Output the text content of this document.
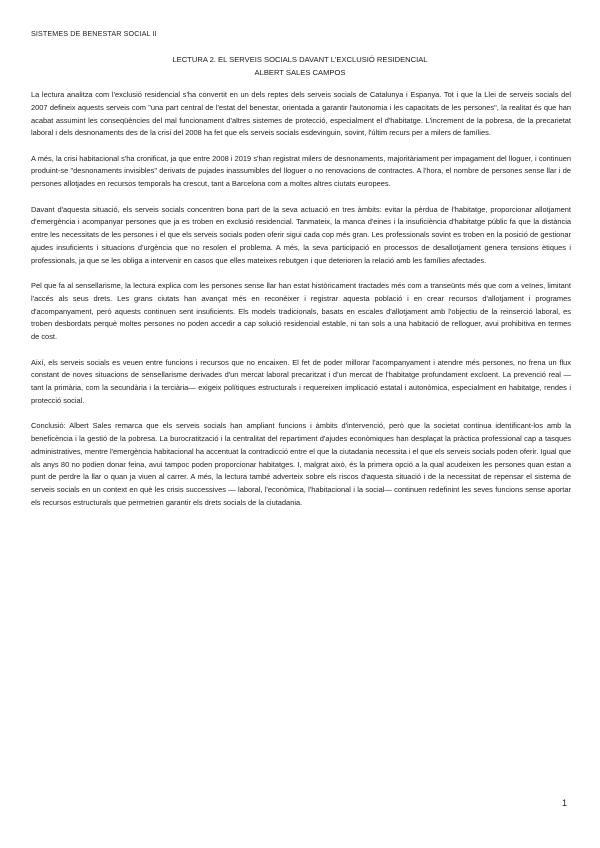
SISTEMES DE BENESTAR SOCIAL II
LECTURA 2. EL SERVEIS SOCIALS DAVANT L'EXCLUSIÓ RESIDENCIAL
ALBERT SALES CAMPOS

La lectura analitza com l'exclusió residencial s'ha convertit en un dels reptes dels serveis socials de Catalunya i Espanya. Tot i que la Llei de serveis socials del 2007 defineix aquests serveis com "una part central de l'estat del benestar, orientada a garantir l'autonomia i les capacitats de les persones", la realitat és que han acabat assumint les conseqüències del mal funcionament d'altres sistemes de protecció, especialment el d'habitatge. L'increment de la pobresa, de la precarietat laboral i dels desnonaments des de la crisi del 2008 ha fet que els serveis socials esdevinguin, sovint, l'últim recurs per a milers de famílies.

A més, la crisi habitacional s'ha cronificat, ja que entre 2008 i 2019 s'han registrat milers de desnonaments, majoritàriament per impagament del lloguer, i continuen produint-se "desnonaments invisibles" derivats de pujades inassumibles del lloguer o no renovacions de contractes. A l'hora, el nombre de persones sense llar i de persones allotjades en recursos temporals ha crescut, tant a Barcelona com a moltes altres ciutats europees.

Davant d'aquesta situació, els serveis socials concentren bona part de la seva actuació en tres àmbits: evitar la pèrdua de l'habitatge, proporcionar allotjament d'emergència i acompanyar persones que ja es troben en exclusió residencial. Tanmateix, la manca d'eines i la insuficiència d'habitatge públic fa que la distància entre les necessitats de les persones i el que els serveis socials poden oferir sigui cada cop més gran. Les professionals sovint es troben en la posició de gestionar ajudes insuficients i situacions d'urgència que no resolen el problema. A més, la seva participació en processos de desallotjament genera tensions ètiques i professionals, ja que se les obliga a intervenir en casos que elles mateixes rebutgen i que deterioren la relació amb les famílies afectades.

Pel que fa al sensellarisme, la lectura explica com les persones sense llar han estat històricament tractades més com a transeünts més que com a veïnes, limitant l'accés als seus drets. Les grans ciutats han avançat més en reconèixer i registrar aquesta població i en crear recursos d'allotjament i programes d'acompanyament, però aquests continuen sent insuficients. Els models tradicionals, basats en escales d'allotjament amb l'objectiu de la reinserció laboral, es troben desbordats perquè moltes persones no poden accedir a cap solució residencial estable, ni tan sols a una habitació de relloguer, avui prohibitiva en termes de cost.

Així, els serveis socials es veuen entre funcions i recursos que no encaixen. El fet de poder millorar l'acompanyament i atendre més persones, no frena un flux constant de noves situacions de sensellarisme derivades d'un mercat laboral precaritzat i d'un mercat de l'habitatge profundament excloent. La prevenció real —tant la primària, com la secundària i la terciària— exigeix polítiques estructurals i requereixen implicació estatal i autonòmica, especialment en habitatge, rendes i protecció social.

Conclusió: Albert Sales remarca que els serveis socials han ampliant funcions i àmbits d'intervenció, però que la societat continua identificant-los amb la beneficència i la gestió de la pobresa. La burocratització i la centralitat del repartiment d'ajudes econòmiques han desplaçat la pràctica professional cap a tasques administratives, mentre l'emergència habitacional ha accentuat la contradicció entre el que la ciutadania necessita i el que els serveis socials poden oferir. Igual que als anys 80 no podien donar feina, avui tampoc poden proporcionar habitatges. I, malgrat això, és la primera opció a la qual acudeixen les persones quan estan a punt de perdre la llar o quan ja viuen al carrer. A més, la lectura també adverteix sobre els riscos d'aquesta situació i de la necessitat de repensar el sistema de serveis socials en un context en què les crisis successives — laboral, l'econòmica, l'habitacional i la social— continuen redefinint les seves funcions sense aportar els recursos estructurals que permetrien garantir els drets socials de la ciutadania.

1
